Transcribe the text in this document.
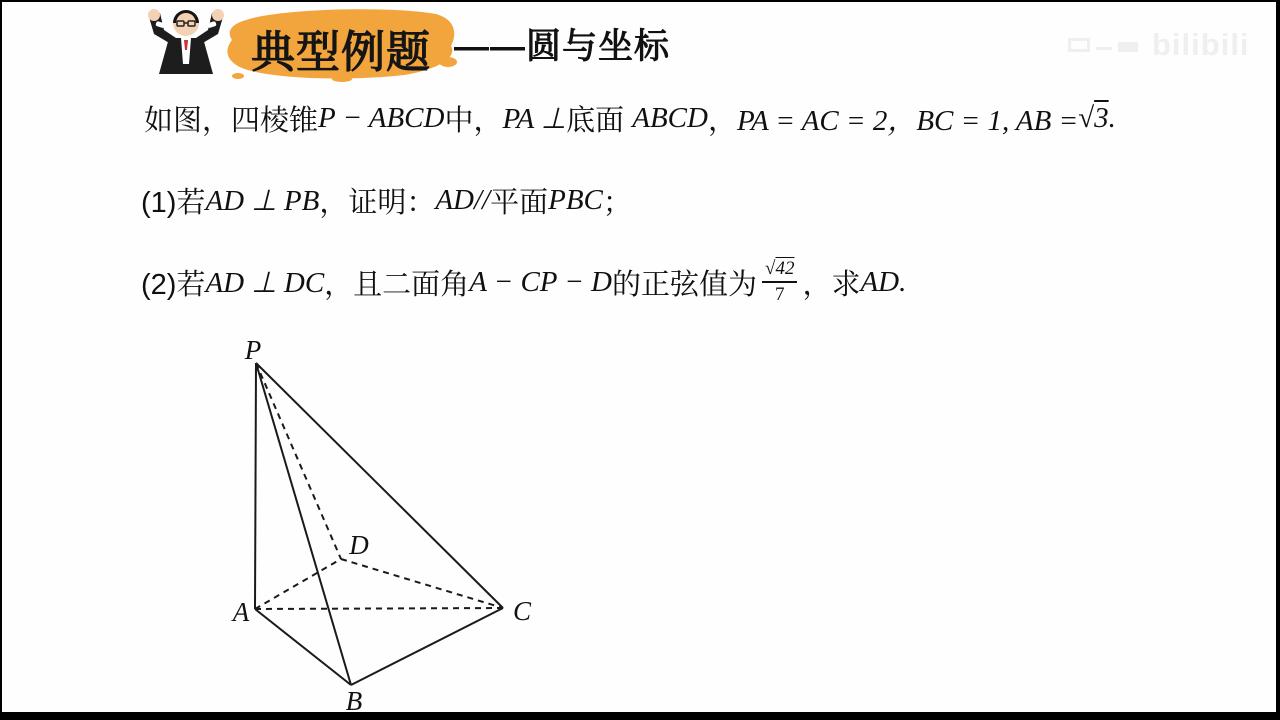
典型例题 ——圆与坐标	bilibili
如图，四棱锥 P − ABCD 中， PA ⊥ 底面
ABCD ， PA = AC = 2，BC = 1, AB = √3 .
(1)若 AD ⊥ PB ，证明： AD// 平面 PBC ；
(2)若 AD ⊥ DC ，且二面角 A − CP − D 的正弦值为 $\frac{√42}{7}$ ，求 AD .
P
A
B
C
D
